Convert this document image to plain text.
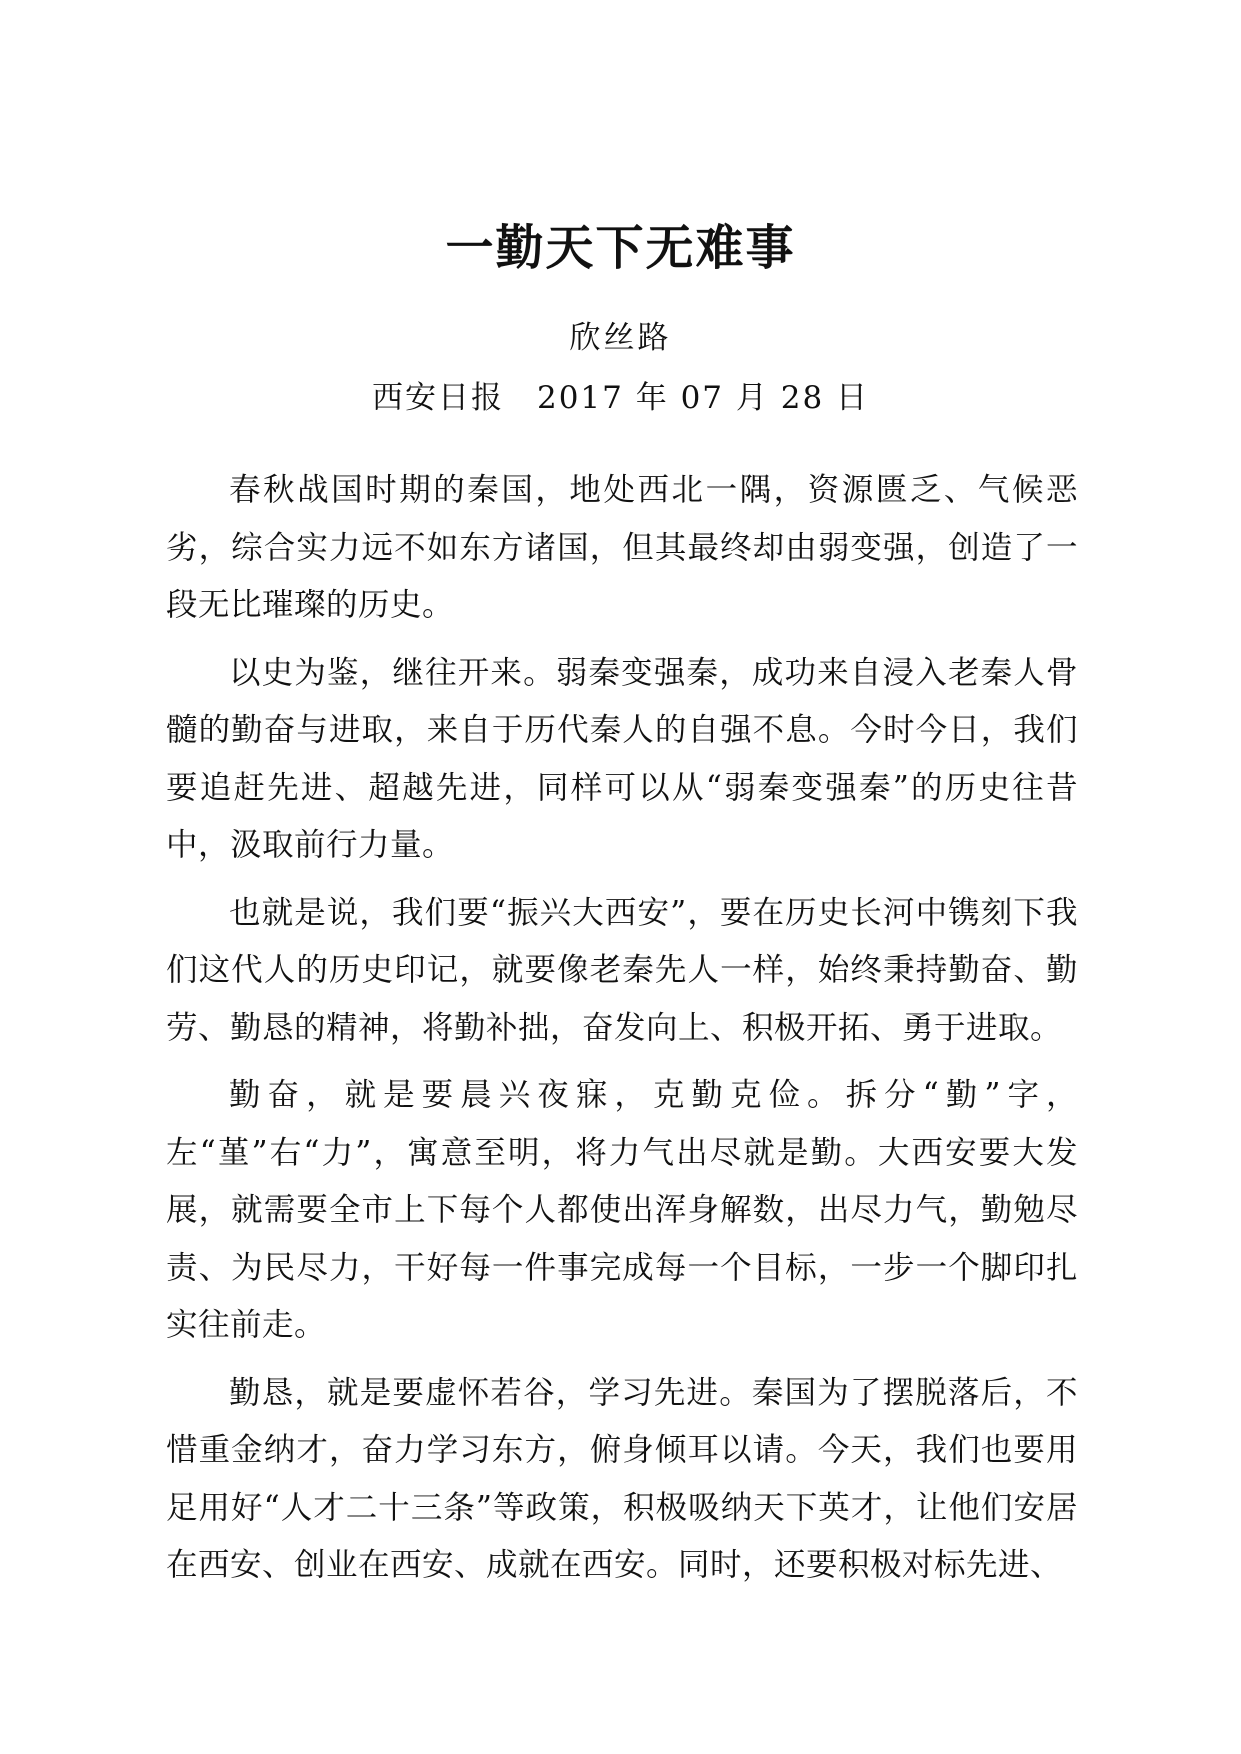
一勤天下无难事
欣丝路
西安日报　2017 年 07 月 28 日

春秋战国时期的秦国，地处西北一隅，资源匮乏、气候恶劣，综合实力远不如东方诸国，但其最终却由弱变强，创造了一段无比璀璨的历史。

以史为鉴，继往开来。弱秦变强秦，成功来自浸入老秦人骨髓的勤奋与进取，来自于历代秦人的自强不息。今时今日，我们要追赶先进、超越先进，同样可以从“弱秦变强秦”的历史往昔中，汲取前行力量。

也就是说，我们要“振兴大西安”，要在历史长河中镌刻下我们这代人的历史印记，就要像老秦先人一样，始终秉持勤奋、勤劳、勤恳的精神，将勤补拙，奋发向上、积极开拓、勇于进取。

勤奋，就是要晨兴夜寐，克勤克俭。拆分“勤”字，左“堇”右“力”，寓意至明，将力气出尽就是勤。大西安要大发展，就需要全市上下每个人都使出浑身解数，出尽力气，勤勉尽责、为民尽力，干好每一件事完成每一个目标，一步一个脚印扎实往前走。

勤恳，就是要虚怀若谷，学习先进。秦国为了摆脱落后，不惜重金纳才，奋力学习东方，俯身倾耳以请。今天，我们也要用足用好“人才二十三条”等政策，积极吸纳天下英才，让他们安居在西安、创业在西安、成就在西安。同时，还要积极对标先进、
